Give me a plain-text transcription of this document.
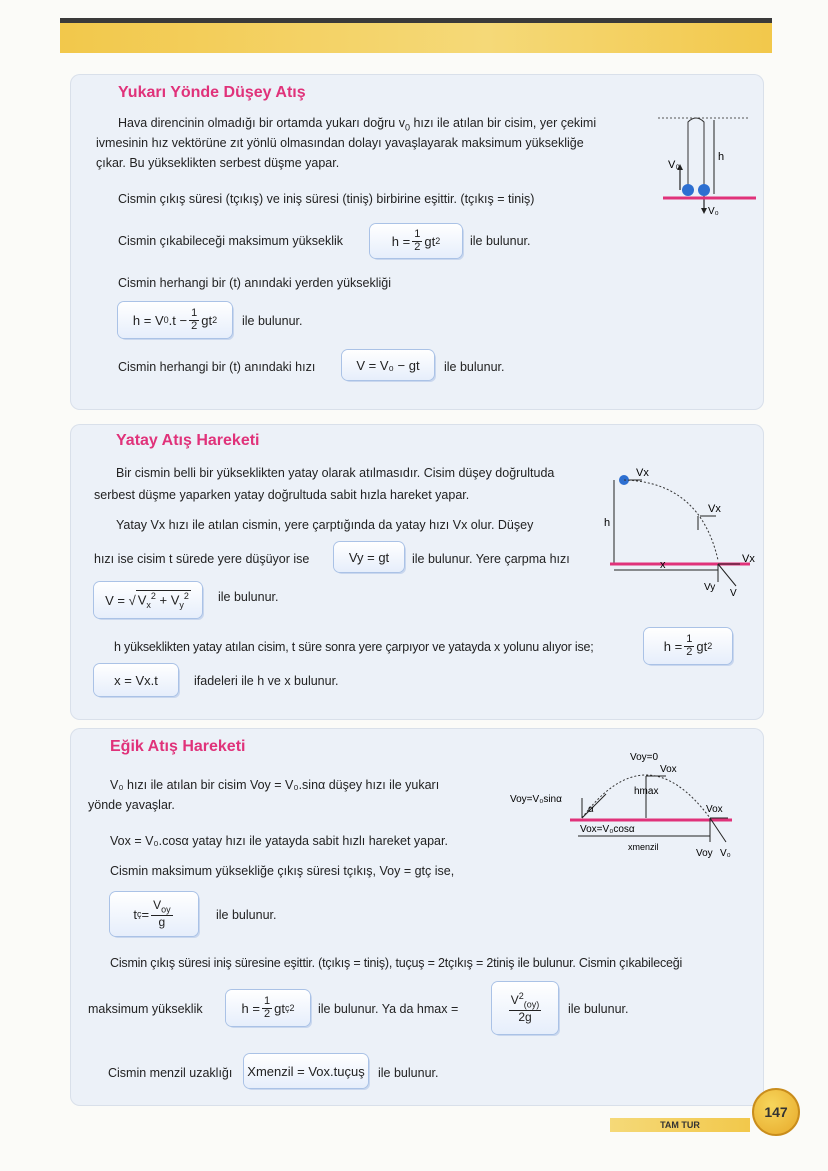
Yukarı Yönde Düşey Atış
Hava direncinin olmadığı bir ortamda yukarı doğru $v_0$ hızı ile atılan bir cisim, yer çekimi
ivmesinin hız vektörüne zıt yönlü olmasından dolayı yavaşlayarak maksimum yüksekliğe
çıkar. Bu yükseklikten serbest düşme yapar.
Cismin çıkış süresi (tçıkış) ve iniş süresi (tiniş) birbirine eşittir. (tçıkış = tiniş)
Cismin çıkabileceği maksimum yükseklik	$h = \frac{1}{2}$ gt 2 ile bulunur.
Cismin herhangi bir (t) anındaki yerden yüksekliği
h = V 0 $.t - \frac{1}{2}$ gt 2 ile bulunur.
Cismin herhangi bir (t) anındaki hızı	V = V₀ − gt	ile bulunur.
V₀
h
V₀
Yatay Atış Hareketi
Bir cismin belli bir yükseklikten yatay olarak atılmasıdır. Cisim düşey doğrultuda
serbest düşme yaparken yatay doğrultuda sabit hızla hareket yapar.
Yatay Vx hızı ile atılan cismin, yere çarptığında da yatay hızı Vx olur. Düşey
hızı ise cisim t sürede yere düşüyor ise	Vy = gt	ile bulunur. Yere çarpma hızı
V = √ $V_x^2 + V_y^2$ ile bulunur.
h yükseklikten yatay atılan cisim, t süre sonra yere çarpıyor ve yatayda x yolunu alıyor ise;	$h = \frac{1}{2}$ gt 2
x = Vx.t	ifadeleri ile h ve x bulunur.
Vx
Vx
Vx
Vy
V
h
x
Eğik Atış Hareketi
V₀ hızı ile atılan bir cisim Voy = V₀.sinα düşey hızı ile yukarı
yönde yavaşlar.
Vox = V₀.cosα yatay hızı ile yatayda sabit hızlı hareket yapar.
Cismin maksimum yüksekliğe çıkış süresi tçıkış, Voy = gtç ise,
t ç = $\frac{V_{oy}}{g}$	ile bulunur.
Cismin çıkış süresi iniş süresine eşittir. (tçıkış = tiniş), tuçuş = 2tçıkış = 2tiniş ile bulunur. Cismin çıkabileceği
maksimum yükseklik	$h = \frac{1}{2}$ gt ç 2 ile bulunur. Ya da hmax =	$\frac{V^2_{(oy)}}{2g}$ ile bulunur.
Cismin menzil uzaklığı Xmenzil = Vox.tuçuş ile bulunur.
Voy=0
Vox
hmax
Voy=V₀sinα
α
Vox=V₀cosα
xmenzil
Vox
Voy V₀
TAM TUR
147
